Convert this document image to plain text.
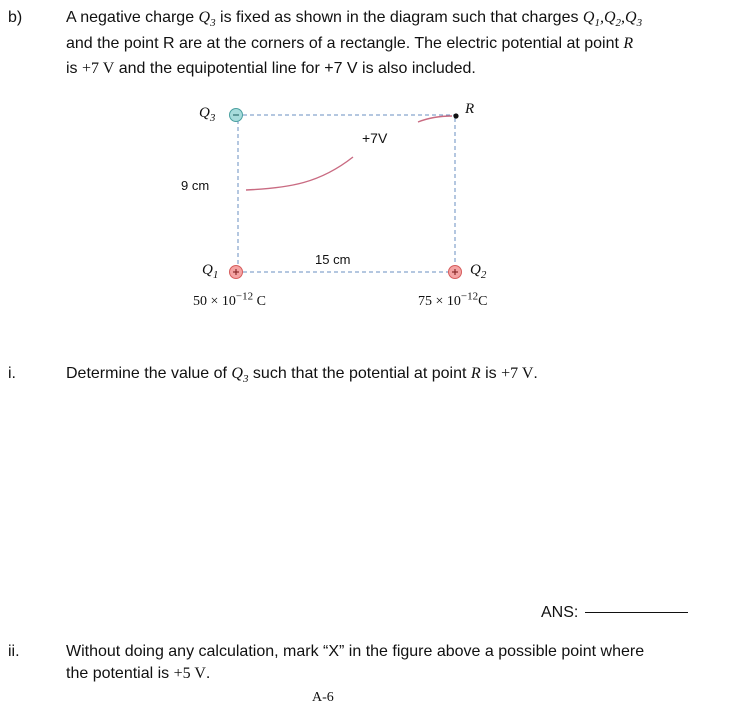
b)	A negative charge $Q_3$ is fixed as shown in the diagram such that charges $Q_1,Q_2,Q_3$
and the point R are at the corners of a rectangle. The electric potential at point R
is +7 V and the equipotential line for +7 V is also included.
$Q_3$
R
+7V
9 cm
15 cm
$Q_1$	$Q_2$
$50 \times 10^{-12}$ C	$75 \times 10^{-12}C$
i.	Determine the value of $Q_3$ such that the potential at point R is +7 V.
ANS:
ii.	Without doing any calculation, mark “X” in the figure above a possible point where
the potential is +5 V.
A-6
